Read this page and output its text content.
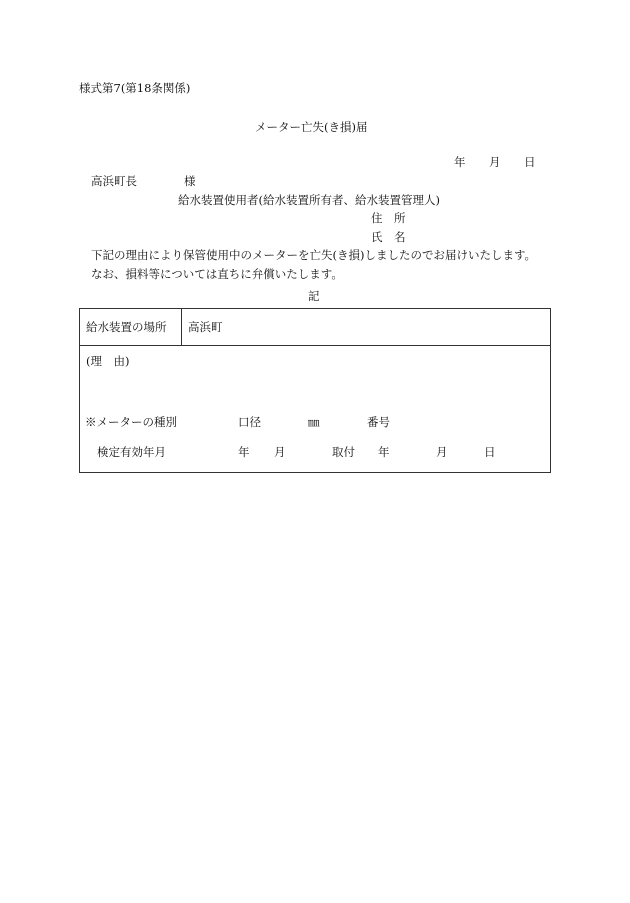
様式第7(第18条関係)
メーター亡失(き損)届
年 月 日
高浜町長	様
給水装置使用者(給水装置所有者、給水装置管理人)
住　所
氏　名
下記の理由により保管使用中のメーターを亡失(き損)しましたのでお届けいたします。
なお、損料等については直ちに弁償いたします。
記
給水装置の場所 高浜町
(理　由)
※メーターの種別	口径	㎜	番号
検定有効年月	年 月	取付 年	月	日
